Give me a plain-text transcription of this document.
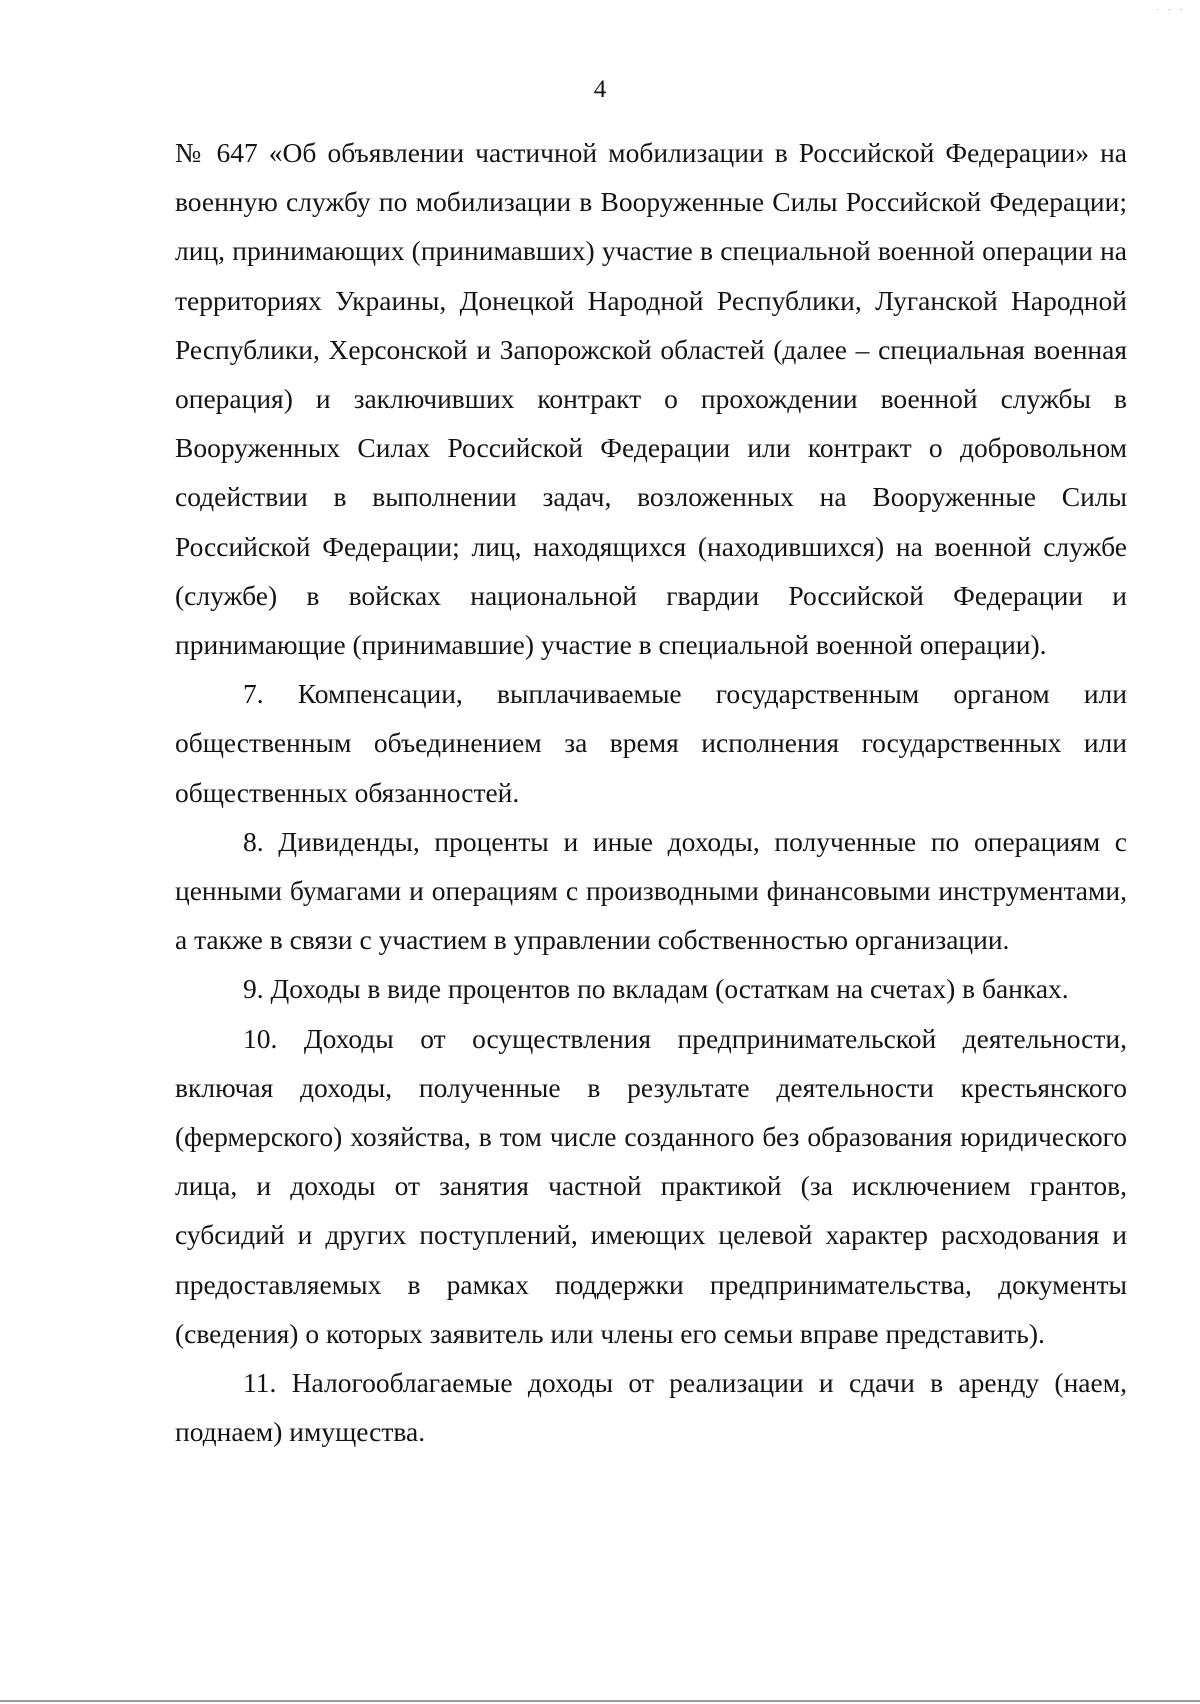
- - -
4

№ 647 «Об объявлении частичной мобилизации в Российской Федерации» на военную службу по мобилизации в Вооруженные Силы Российской Федерации; лиц, принимающих (принимавших) участие в специальной военной операции на территориях Украины, Донецкой Народной Республики, Луганской Народной Республики, Херсонской и Запорожской областей (далее – специальная военная операция) и заключивших контракт о прохождении военной службы в Вооруженных Силах Российской Федерации или контракт о добровольном содействии в выполнении задач, возложенных на Вооруженные Силы Российской Федерации; лиц, находящихся (находившихся) на военной службе (службе) в войсках национальной гвардии Российской Федерации и принимающие (принимавшие) участие в специальной военной операции).

7. Компенсации, выплачиваемые государственным органом или общественным объединением за время исполнения государственных или общественных обязанностей.

8. Дивиденды, проценты и иные доходы, полученные по операциям с ценными бумагами и операциям с производными финансовыми инструментами, а также в связи с участием в управлении собственностью организации.

9. Доходы в виде процентов по вкладам (остаткам на счетах) в банках.

10. Доходы от осуществления предпринимательской деятельности, включая доходы, полученные в результате деятельности крестьянского (фермерского) хозяйства, в том числе созданного без образования юридического лица, и доходы от занятия частной практикой (за исключением грантов, субсидий и других поступлений, имеющих целевой характер расходования и предоставляемых в рамках поддержки предпринимательства, документы (сведения) о которых заявитель или члены его семьи вправе представить).

11. Налогооблагаемые доходы от реализации и сдачи в аренду (наем, поднаем) имущества.
